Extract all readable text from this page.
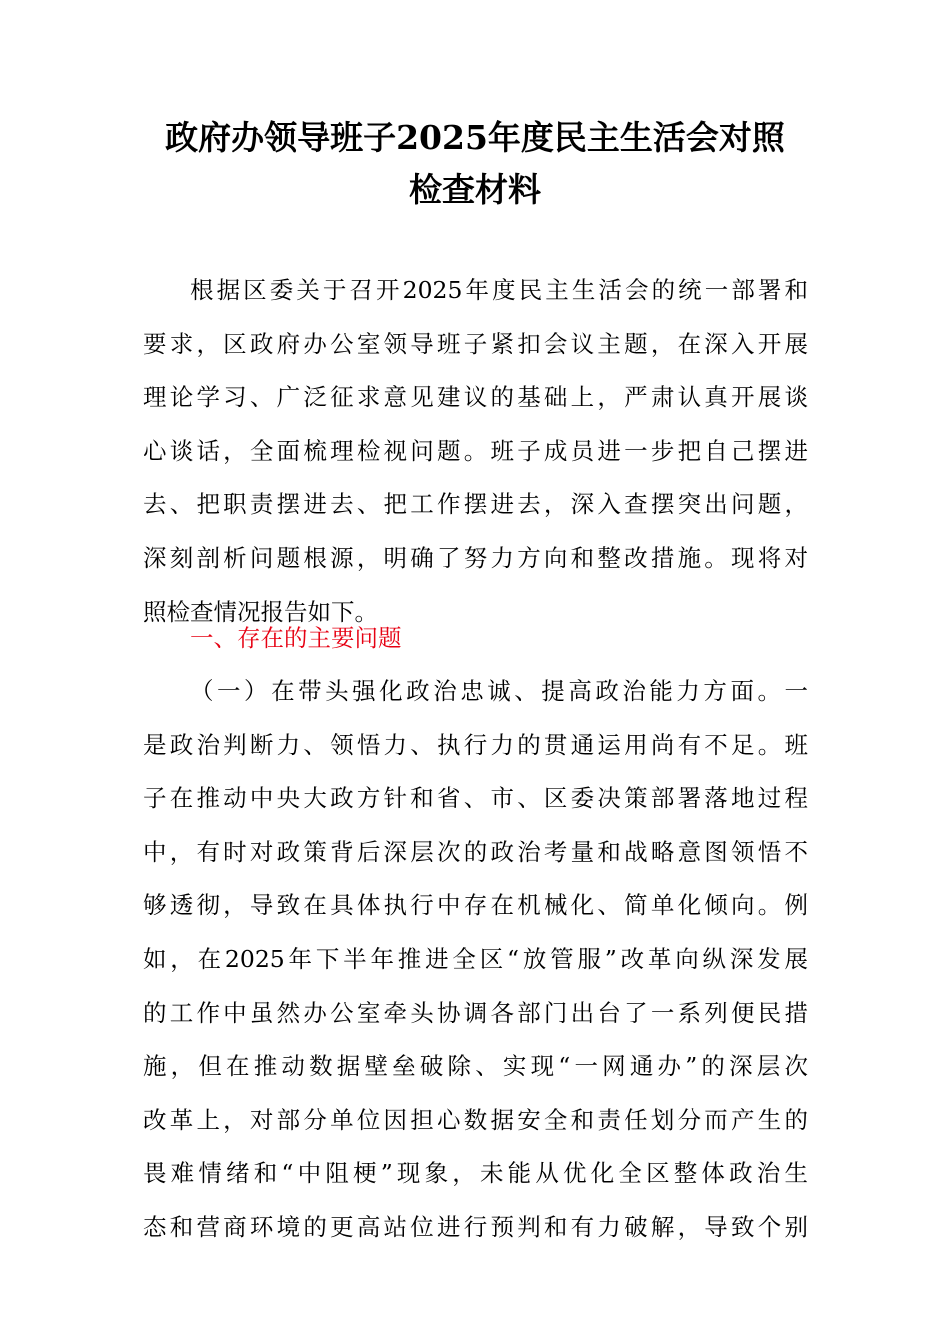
政府办领导班子2025年度民主生活会对照
检查材料
根据区委关于召开2025年度民主生活会的统一部署和
要求，区政府办公室领导班子紧扣会议主题，在深入开展
理论学习、广泛征求意见建议的基础上，严肃认真开展谈
心谈话，全面梳理检视问题。班子成员进一步把自己摆进
去、把职责摆进去、把工作摆进去，深入查摆突出问题，
深刻剖析问题根源，明确了努力方向和整改措施。现将对
照检查情况报告如下。
一、存在的主要问题
（一）在带头强化政治忠诚、提高政治能力方面。一
是政治判断力、领悟力、执行力的贯通运用尚有不足。班
子在推动中央大政方针和省、市、区委决策部署落地过程
中，有时对政策背后深层次的政治考量和战略意图领悟不
够透彻，导致在具体执行中存在机械化、简单化倾向。例
如，在2025年下半年推进全区“放管服”改革向纵深发展
的工作中虽然办公室牵头协调各部门出台了一系列便民措
施，但在推动数据壁垒破除、实现“一网通办”的深层次
改革上，对部分单位因担心数据安全和责任划分而产生的
畏难情绪和“中阻梗”现象，未能从优化全区整体政治生
态和营商环境的更高站位进行预判和有力破解，导致个别
